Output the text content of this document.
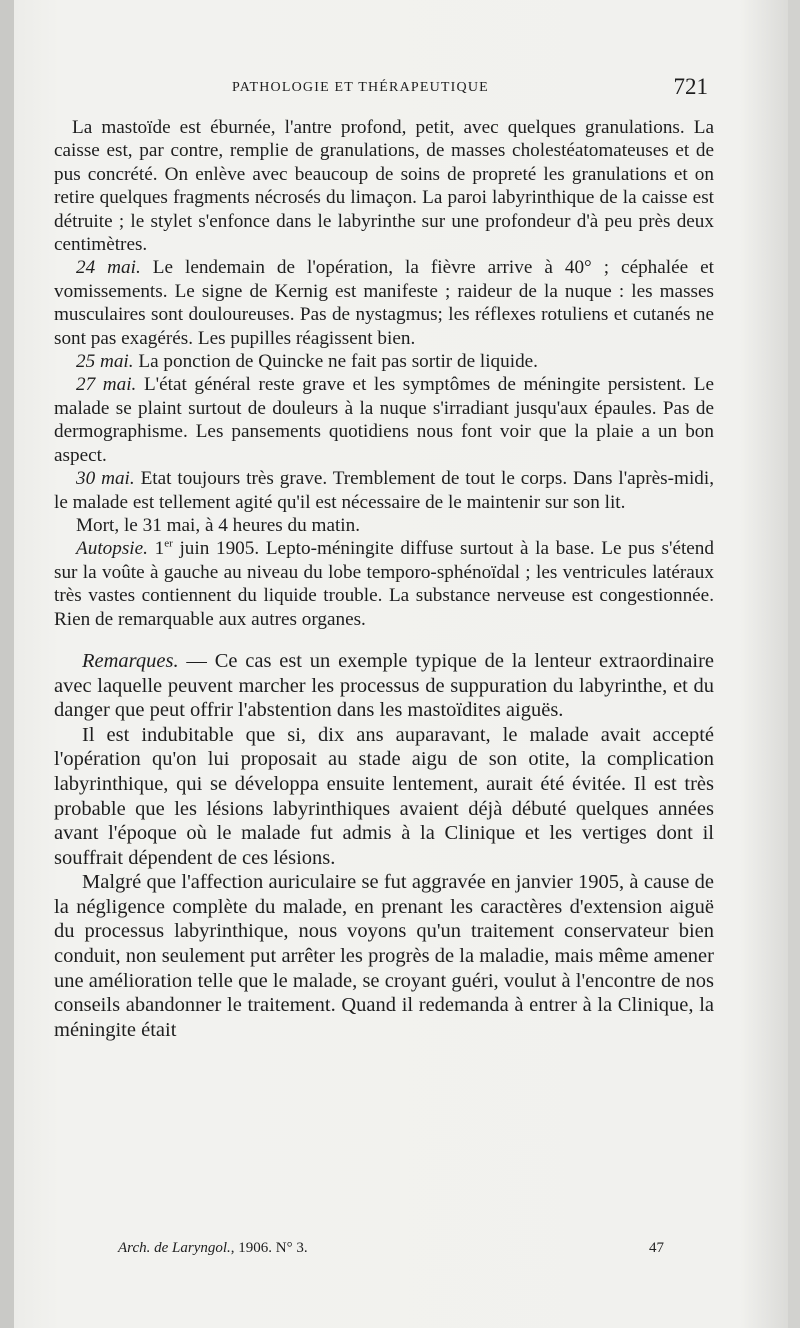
PATHOLOGIE ET THÉRAPEUTIQUE	721

La mastoïde est éburnée, l'antre profond, petit, avec quelques granulations. La caisse est, par contre, remplie de granulations, de masses cholestéatomateuses et de pus concrété. On enlève avec beaucoup de soins de propreté les granulations et on retire quelques fragments nécrosés du limaçon. La paroi labyrinthique de la caisse est détruite ; le stylet s'enfonce dans le labyrinthe sur une profondeur d'à peu près deux centimètres.

24 mai. Le lendemain de l'opération, la fièvre arrive à 40° ; céphalée et vomissements. Le signe de Kernig est manifeste ; raideur de la nuque : les masses musculaires sont douloureuses. Pas de nystagmus; les réflexes rotuliens et cutanés ne sont pas exagérés. Les pupilles réagissent bien.

25 mai. La ponction de Quincke ne fait pas sortir de liquide.

27 mai. L'état général reste grave et les symptômes de méningite persistent. Le malade se plaint surtout de douleurs à la nuque s'irradiant jusqu'aux épaules. Pas de dermographisme. Les pansements quotidiens nous font voir que la plaie a un bon aspect.

30 mai. Etat toujours très grave. Tremblement de tout le corps. Dans l'après-midi, le malade est tellement agité qu'il est nécessaire de le maintenir sur son lit.

Mort, le 31 mai, à 4 heures du matin.

Autopsie. 1er juin 1905. Lepto-méningite diffuse surtout à la base. Le pus s'étend sur la voûte à gauche au niveau du lobe temporo-sphénoïdal ; les ventricules latéraux très vastes contiennent du liquide trouble. La substance nerveuse est congestionnée. Rien de remarquable aux autres organes.

Remarques. — Ce cas est un exemple typique de la lenteur extraordinaire avec laquelle peuvent marcher les processus de suppuration du labyrinthe, et du danger que peut offrir l'abstention dans les mastoïdites aiguës.

Il est indubitable que si, dix ans auparavant, le malade avait accepté l'opération qu'on lui proposait au stade aigu de son otite, la complication labyrinthique, qui se développa ensuite lentement, aurait été évitée. Il est très probable que les lésions labyrinthiques avaient déjà débuté quelques années avant l'époque où le malade fut admis à la Clinique et les vertiges dont il souffrait dépendent de ces lésions.

Malgré que l'affection auriculaire se fut aggravée en janvier 1905, à cause de la négligence complète du malade, en prenant les caractères d'extension aiguë du processus labyrinthique, nous voyons qu'un traitement conservateur bien conduit, non seulement put arrêter les progrès de la maladie, mais même amener une amélioration telle que le malade, se croyant guéri, voulut à l'encontre de nos conseils abandonner le traitement. Quand il redemanda à entrer à la Clinique, la méningite était

Arch. de Laryngol., 1906. N° 3.	47
